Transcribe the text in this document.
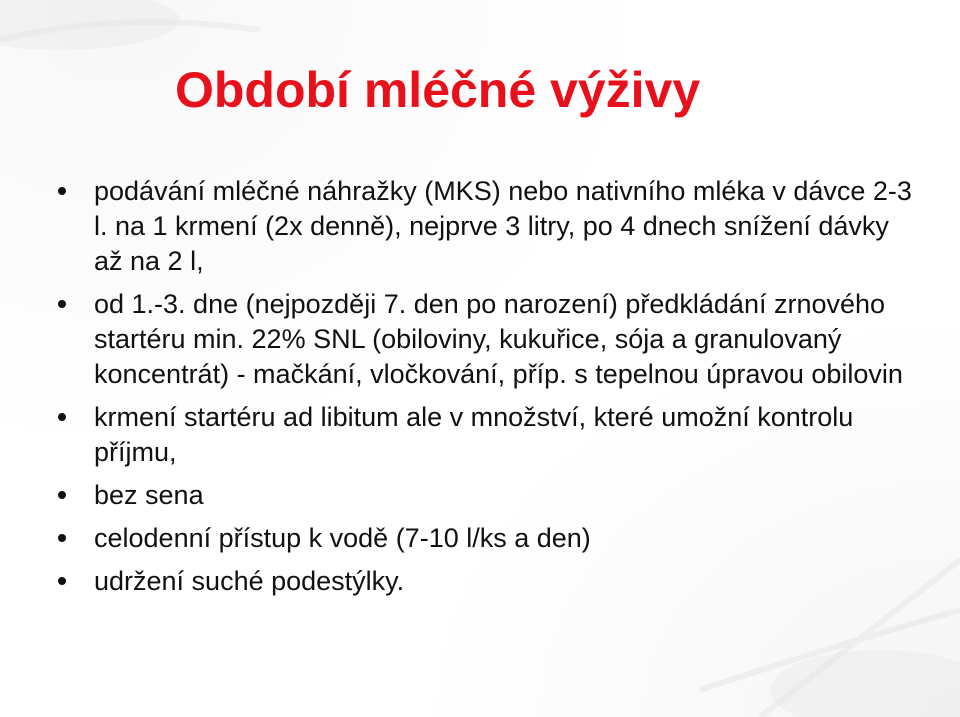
Období mléčné výživy
podávání mléčné náhražky (MKS) nebo nativního mléka v dávce 2-3 l. na 1 krmení (2x denně), nejprve 3 litry, po 4 dnech snížení dávky až na 2 l,
od 1.-3. dne (nejpozději 7. den po narození) předkládání zrnového startéru min. 22% SNL (obiloviny, kukuřice, sója a granulovaný koncentrát) - mačkání, vločkování, příp. s tepelnou úpravou obilovin
krmení startéru ad libitum ale v množství, které umožní kontrolu příjmu,
bez sena
celodenní přístup k vodě (7-10 l/ks a den)
udržení suché podestýlky.
